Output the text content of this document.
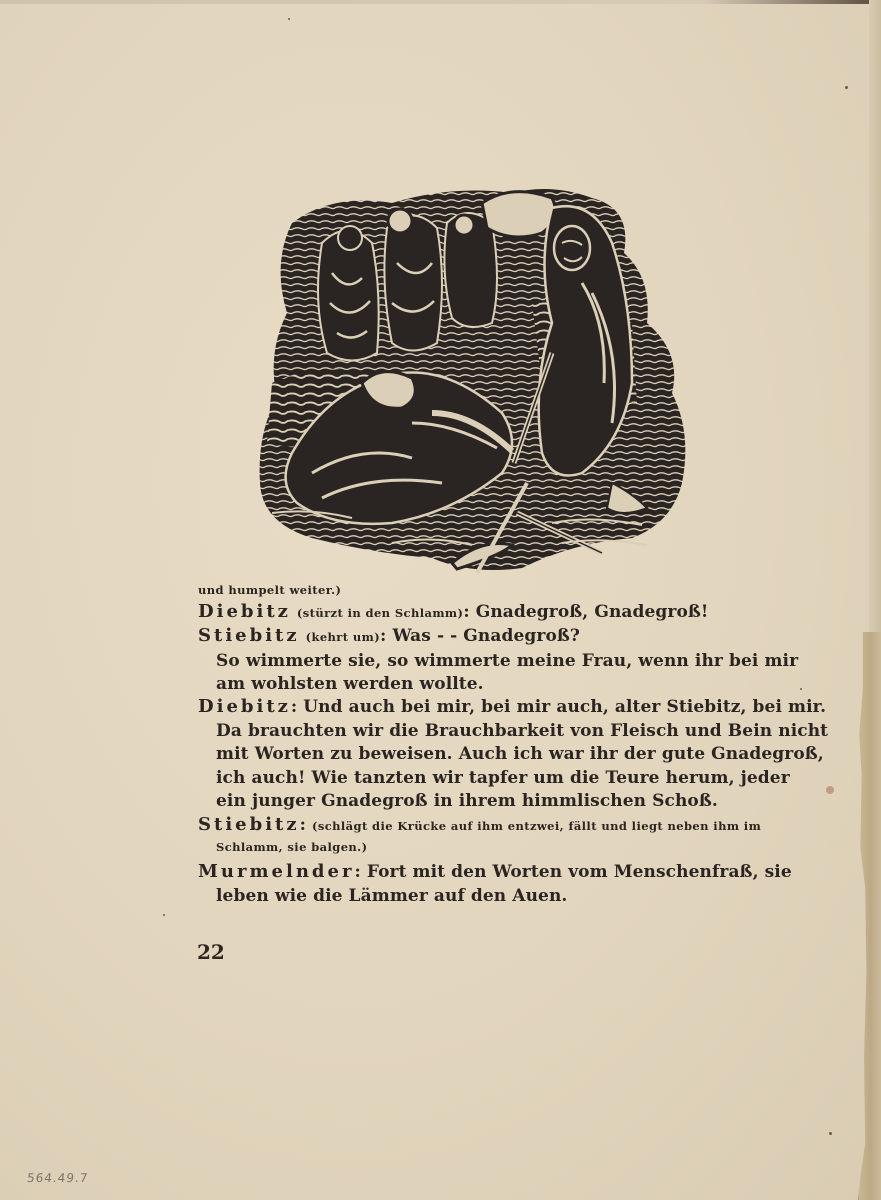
und humpelt weiter.)
Diebitz (stürzt in den Schlamm): Gnadegroß, Gnadegroß!
Stiebitz (kehrt um): Was - - Gnadegroß?
So wimmerte sie, so wimmerte meine Frau, wenn ihr bei mir
am wohlsten werden wollte.
Diebitz: Und auch bei mir, bei mir auch, alter Stiebitz, bei mir.
Da brauchten wir die Brauchbarkeit von Fleisch und Bein nicht
mit Worten zu beweisen. Auch ich war ihr der gute Gnadegroß,
ich auch! Wie tanzten wir tapfer um die Teure herum, jeder
ein junger Gnadegroß in ihrem himmlischen Schoß.
Stiebitz: (schlägt die Krücke auf ihm entzwei, fällt und liegt neben ihm im
Schlamm, sie balgen.)
Murmelnder: Fort mit den Worten vom Menschenfraß, sie
leben wie die Lämmer auf den Auen.
22
564.49.7
